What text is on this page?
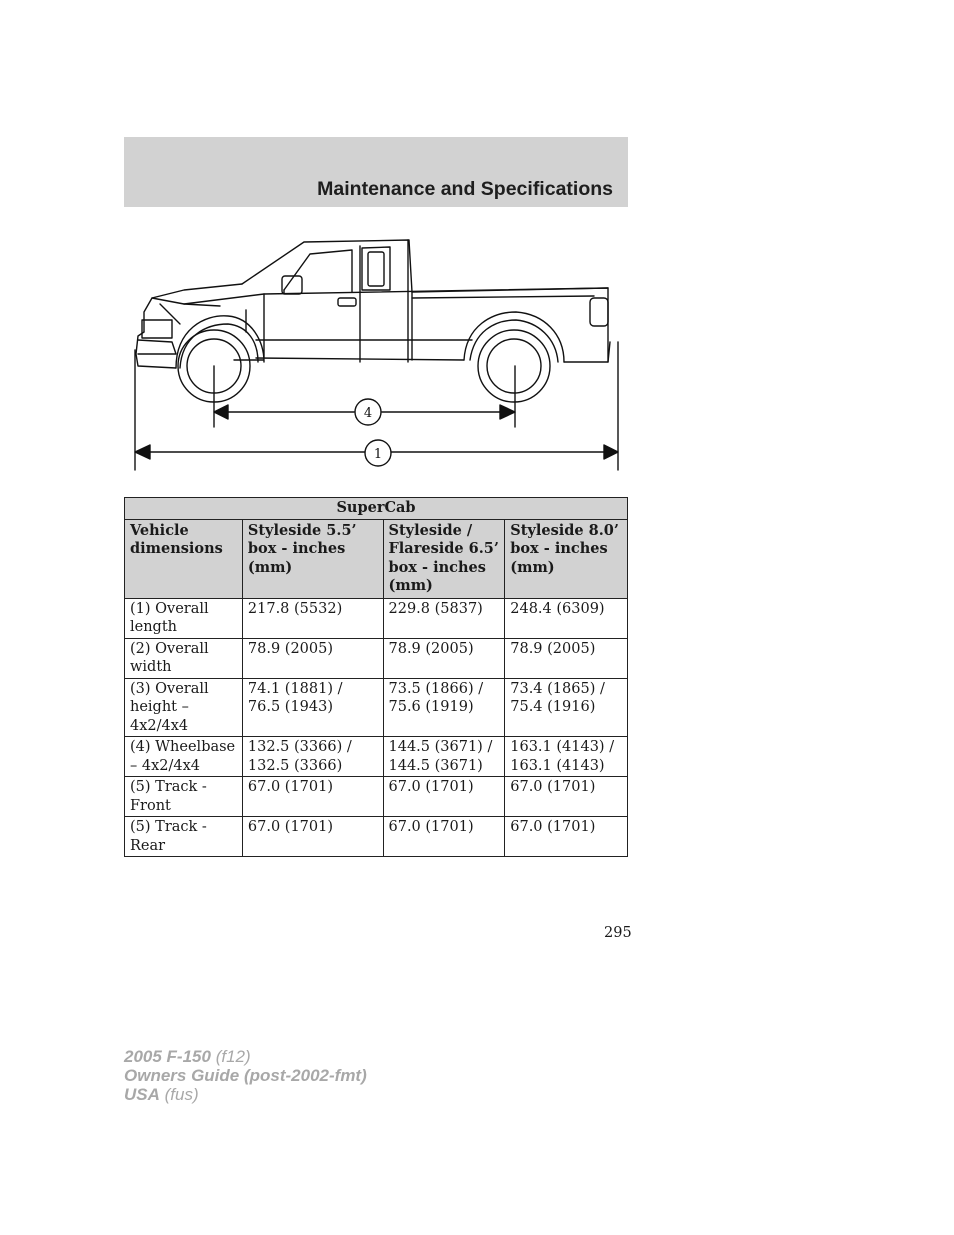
Maintenance and Specifications
4
1
SuperCab			
Vehicle dimensions	Styleside 5.5’ box - inches (mm)	Styleside / Flareside 6.5’ box - inches (mm)	Styleside 8.0’ box - inches (mm)
(1) Overall length	217.8 (5532)	229.8 (5837)	248.4 (6309)
(2) Overall width	78.9 (2005)	78.9 (2005)	78.9 (2005)
(3) Overall height – 4x2/4x4	74.1 (1881) / 76.5 (1943)	73.5 (1866) / 75.6 (1919)	73.4 (1865) / 75.4 (1916)
(4) Wheelbase – 4x2/4x4	132.5 (3366) / 132.5 (3366)	144.5 (3671) / 144.5 (3671)	163.1 (4143) / 163.1 (4143)
(5) Track - Front	67.0 (1701)	67.0 (1701)	67.0 (1701)
(5) Track - Rear	67.0 (1701)	67.0 (1701)	67.0 (1701)
295
2005 F-150 (f12)
Owners Guide (post-2002-fmt)
USA (fus)
